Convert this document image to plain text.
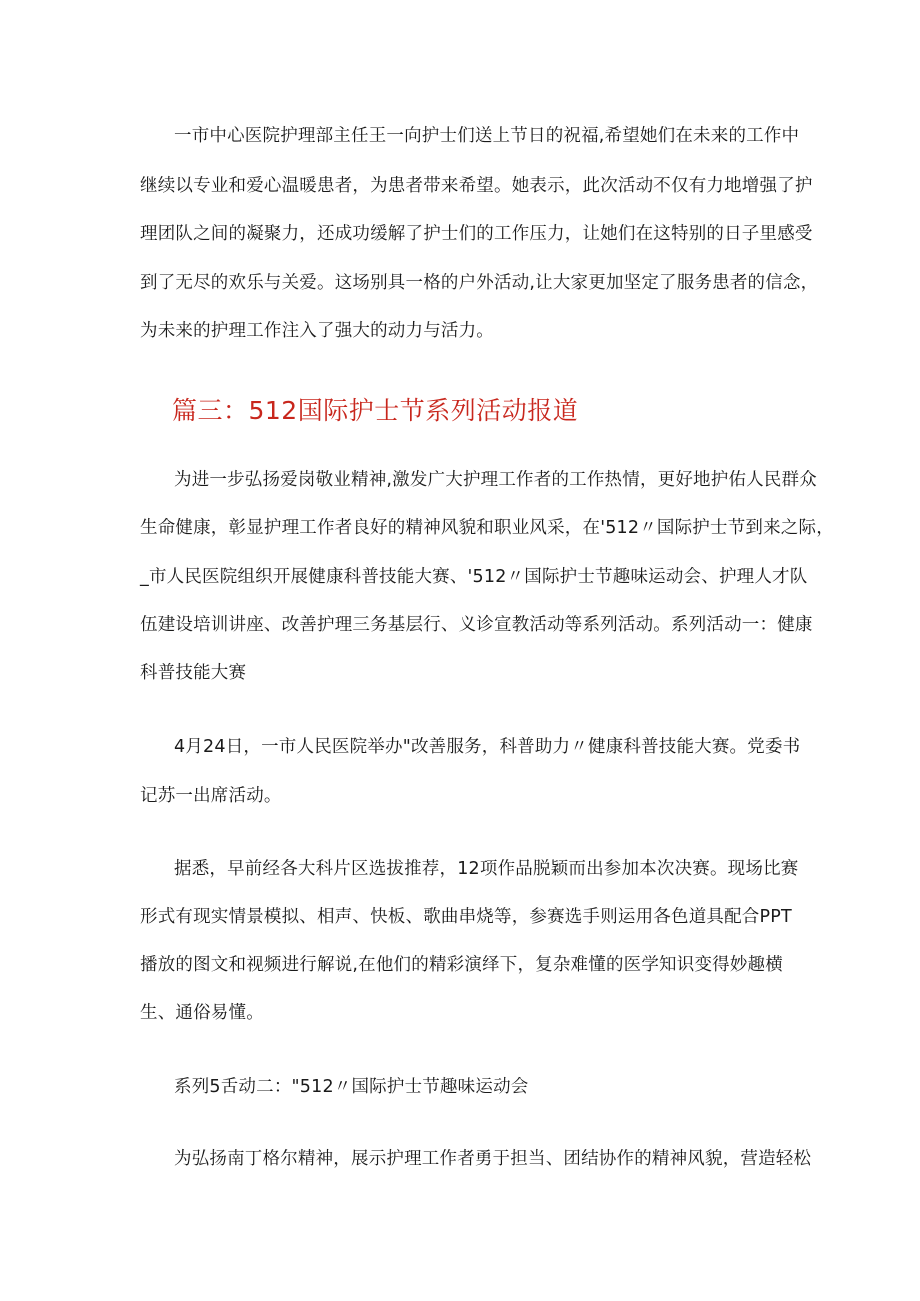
一市中心医院护理部主任王一向护士们送上节日的祝福,希望她们在未来的工作中
继续以专业和爱心温暖患者，为患者带来希望。她表示，此次活动不仅有力地增强了护
理团队之间的凝聚力，还成功缓解了护士们的工作压力，让她们在这特别的日子里感受
到了无尽的欢乐与关爱。这场别具一格的户外活动,让大家更加坚定了服务患者的信念，
为未来的护理工作注入了强大的动力与活力。
篇三：512国际护士节系列活动报道
为进一步弘扬爱岗敬业精神,激发广大护理工作者的工作热情，更好地护佑人民群众
生命健康，彰显护理工作者良好的精神风貌和职业风采，在'512〃国际护士节到来之际，
_市人民医院组织开展健康科普技能大赛、'512〃国际护士节趣味运动会、护理人才队
伍建设培训讲座、改善护理三务基层行、义诊宣教活动等系列活动。系列活动一：健康
科普技能大赛
4月24日，一市人民医院举办"改善服务，科普助力〃健康科普技能大赛。党委书
记苏一出席活动。
据悉，早前经各大科片区选拔推荐，12项作品脱颖而出参加本次决赛。现场比赛
形式有现实情景模拟、相声、快板、歌曲串烧等，参赛选手则运用各色道具配合PPT
播放的图文和视频进行解说,在他们的精彩演绎下，复杂难懂的医学知识变得妙趣横
生、通俗易懂。
系列5舌动二："512〃国际护士节趣味运动会
为弘扬南丁格尔精神，展示护理工作者勇于担当、团结协作的精神风貌，营造轻松
